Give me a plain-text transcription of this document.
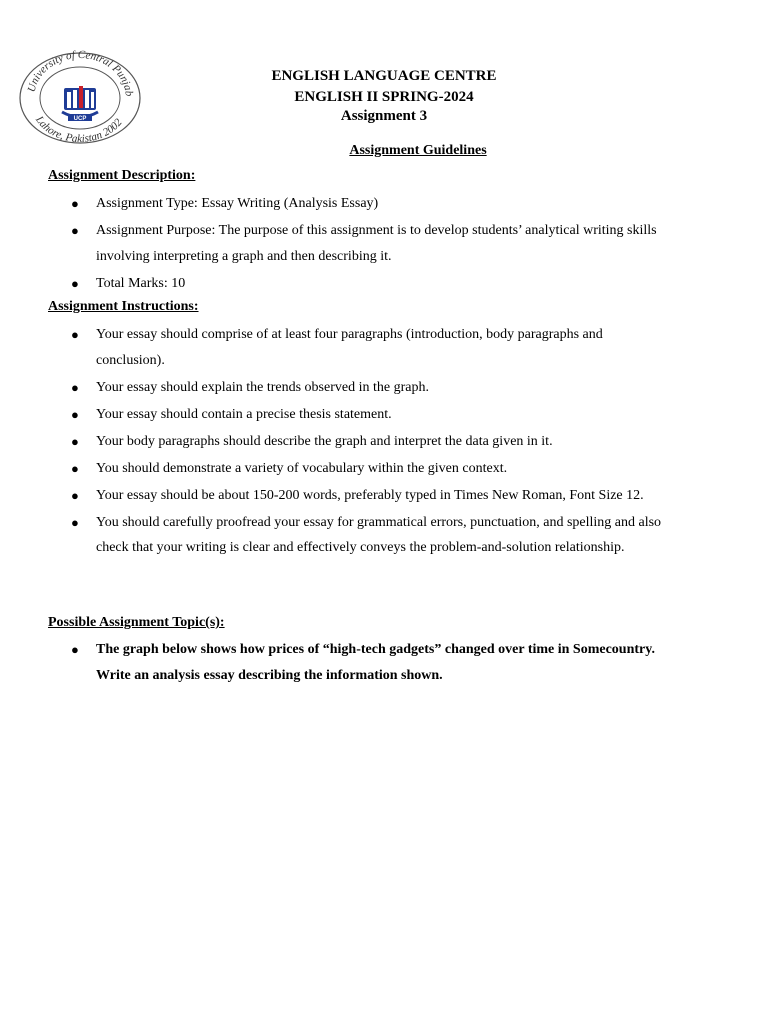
University of Central Punjab
Lahore, Pakistan 2002
UCP
ENGLISH LANGUAGE CENTRE
ENGLISH II SPRING-2024
Assignment 3
Assignment Guidelines
Assignment Description:
● Assignment Type: Essay Writing (Analysis Essay)
● Assignment Purpose: The purpose of this assignment is to develop students’ analytical writing skills involving interpreting a graph and then describing it.
● Total Marks: 10
Assignment Instructions:
● Your essay should comprise of at least four paragraphs (introduction, body paragraphs and conclusion).
● Your essay should explain the trends observed in the graph.
● Your essay should contain a precise thesis statement.
● Your body paragraphs should describe the graph and interpret the data given in it.
● You should demonstrate a variety of vocabulary within the given context.
● Your essay should be about 150-200 words, preferably typed in Times New Roman, Font Size 12.
● You should carefully proofread your essay for grammatical errors, punctuation, and spelling and also check that your writing is clear and effectively conveys the problem-and-solution relationship.
Possible Assignment Topic(s):
● The graph below shows how prices of “high-tech gadgets” changed over time in Somecountry. Write an analysis essay describing the information shown.
